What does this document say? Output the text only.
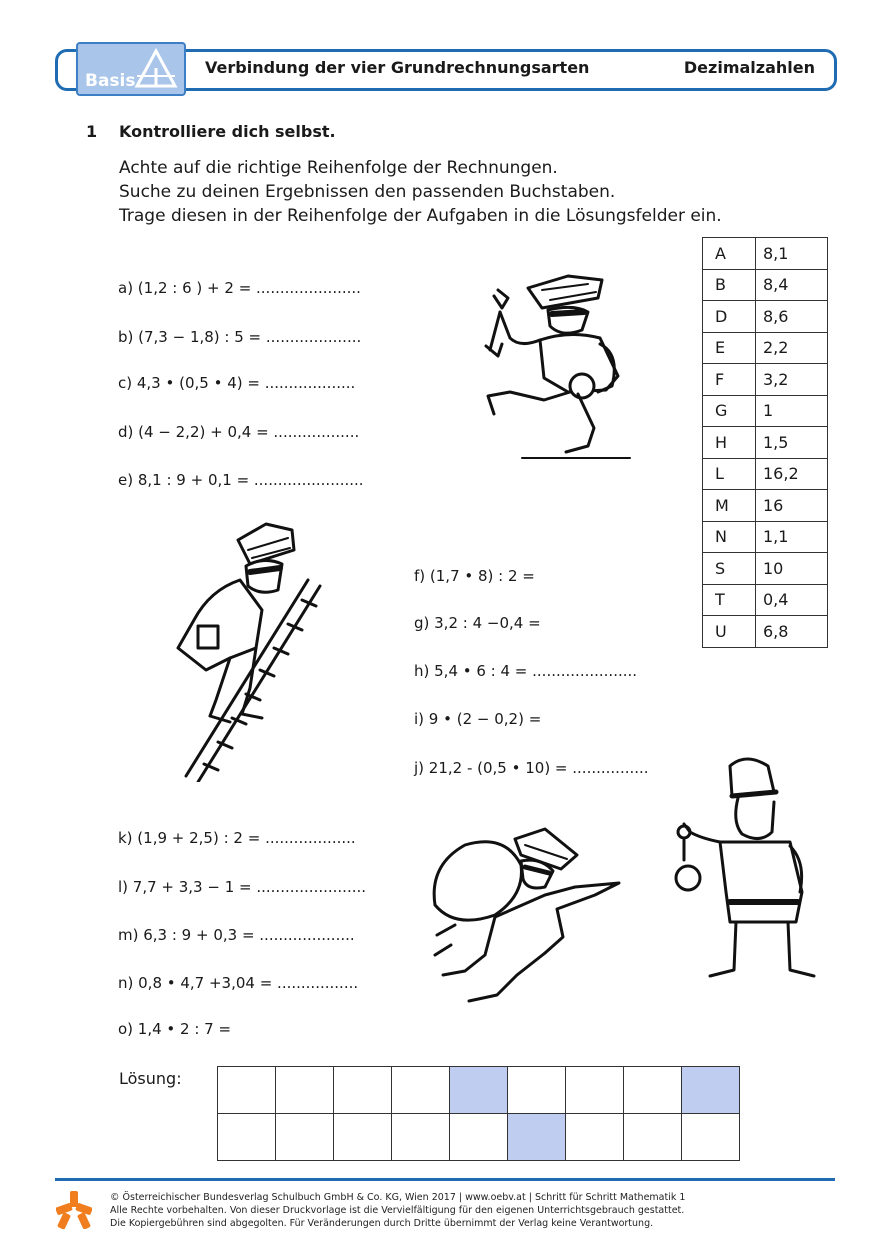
Basis
Verbindung der vier Grundrechnungsarten	Dezimalzahlen
1 Kontrolliere dich selbst.
Achte auf die richtige Reihenfolge der Rechnungen.
Suche zu deinen Ergebnissen den passenden Buchstaben.
Trage diesen in der Reihenfolge der Aufgaben in die Lösungsfelder ein.
a) (1,2 : 6 ) + 2 = ......................
b) (7,3 − 1,8) : 5 = ....................
c) 4,3 • (0,5 • 4) = ...................
d) (4 − 2,2) + 0,4 = ..................
e) 8,1 : 9 + 0,1 = .......................
f) (1,7 • 8) : 2 =
g) 3,2 : 4 −0,4 =
h) 5,4 • 6 : 4 = ......................
i) 9 • (2 − 0,2) =
j) 21,2 - (0,5 • 10) = ................
k) (1,9 + 2,5) : 2 = ...................
l) 7,7 + 3,3 − 1 = .......................
m) 6,3 : 9 + 0,3 = ....................
n) 0,8 • 4,7 +3,04 = .................
o) 1,4 • 2 : 7 =
A	8,1
B	8,4
D	8,6
E	2,2
F	3,2
G	1
H	1,5
L	16,2
M	16
N	1,1
S	10
T	0,4
U	6,8
Lösung:

© Österreichischer Bundesverlag Schulbuch GmbH & Co. KG, Wien 2017 | www.oebv.at | Schritt für Schritt Mathematik 1
Alle Rechte vorbehalten. Von dieser Druckvorlage ist die Vervielfältigung für den eigenen Unterrichtsgebrauch gestattet.
Die Kopiergebühren sind abgegolten. Für Veränderungen durch Dritte übernimmt der Verlag keine Verantwortung.
